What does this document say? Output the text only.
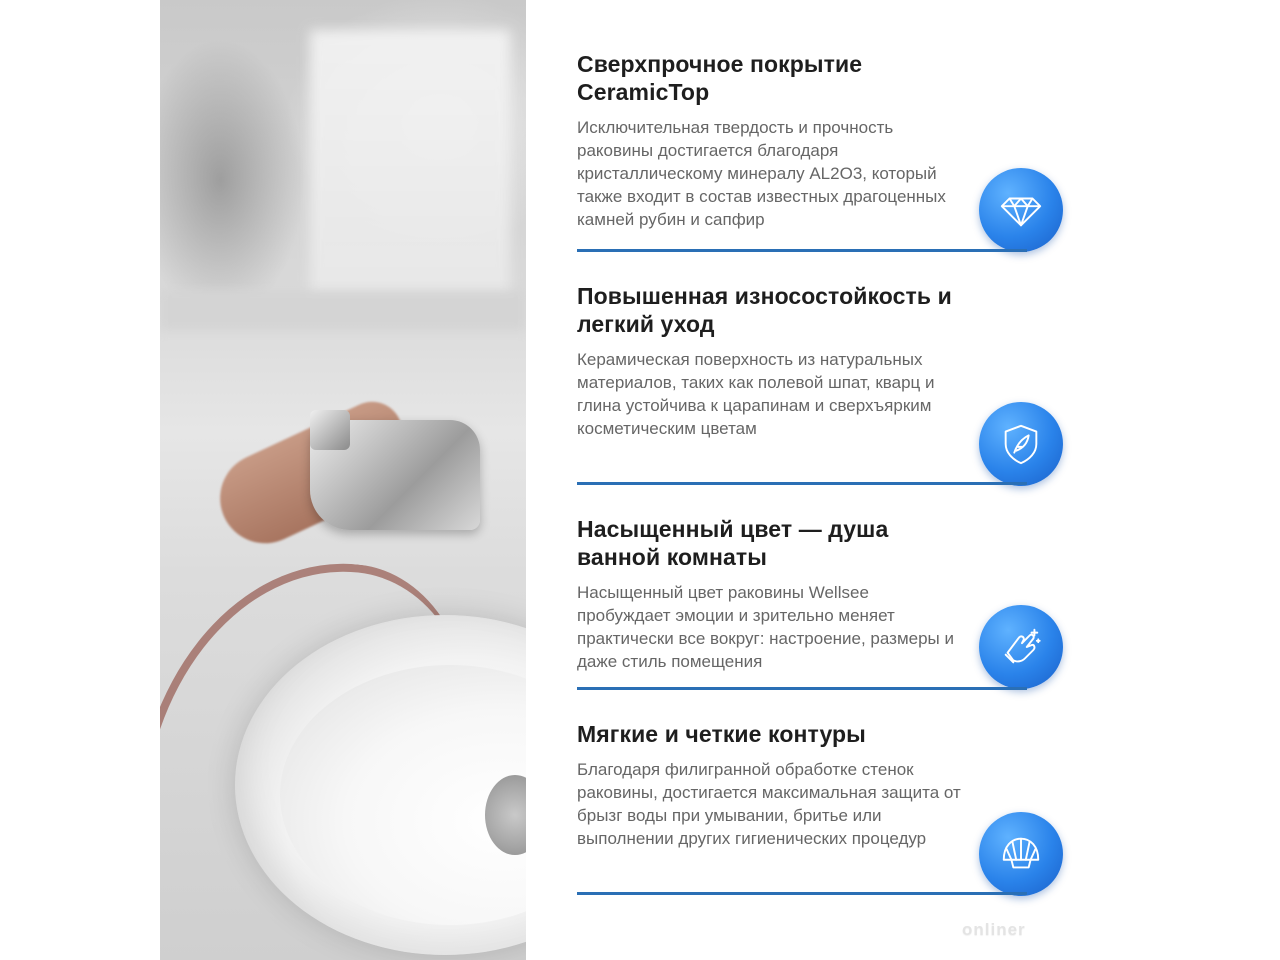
Сверхпрочное покрытие CeramicTop

Исключительная твердость и прочность раковины достигается благодаря кристаллическому минералу AL2O3, который также входит в состав известных драгоценных камней рубин и сапфир

Повышенная износостойкость и легкий уход

Керамическая поверхность из натуральных материалов, таких как полевой шпат, кварц и глина устойчива к царапинам и сверхъярким косметическим цветам

Насыщенный цвет — душа ванной комнаты

Насыщенный цвет раковины Wellsee пробуждает эмоции и зрительно меняет практически все вокруг: настроение, размеры и даже стиль помещения

Мягкие и четкие контуры

Благодаря филигранной обработке стенок раковины, достигается максимальная защита от брызг воды при умывании, бритье или выполнении других гигиенических процедур

onliner
